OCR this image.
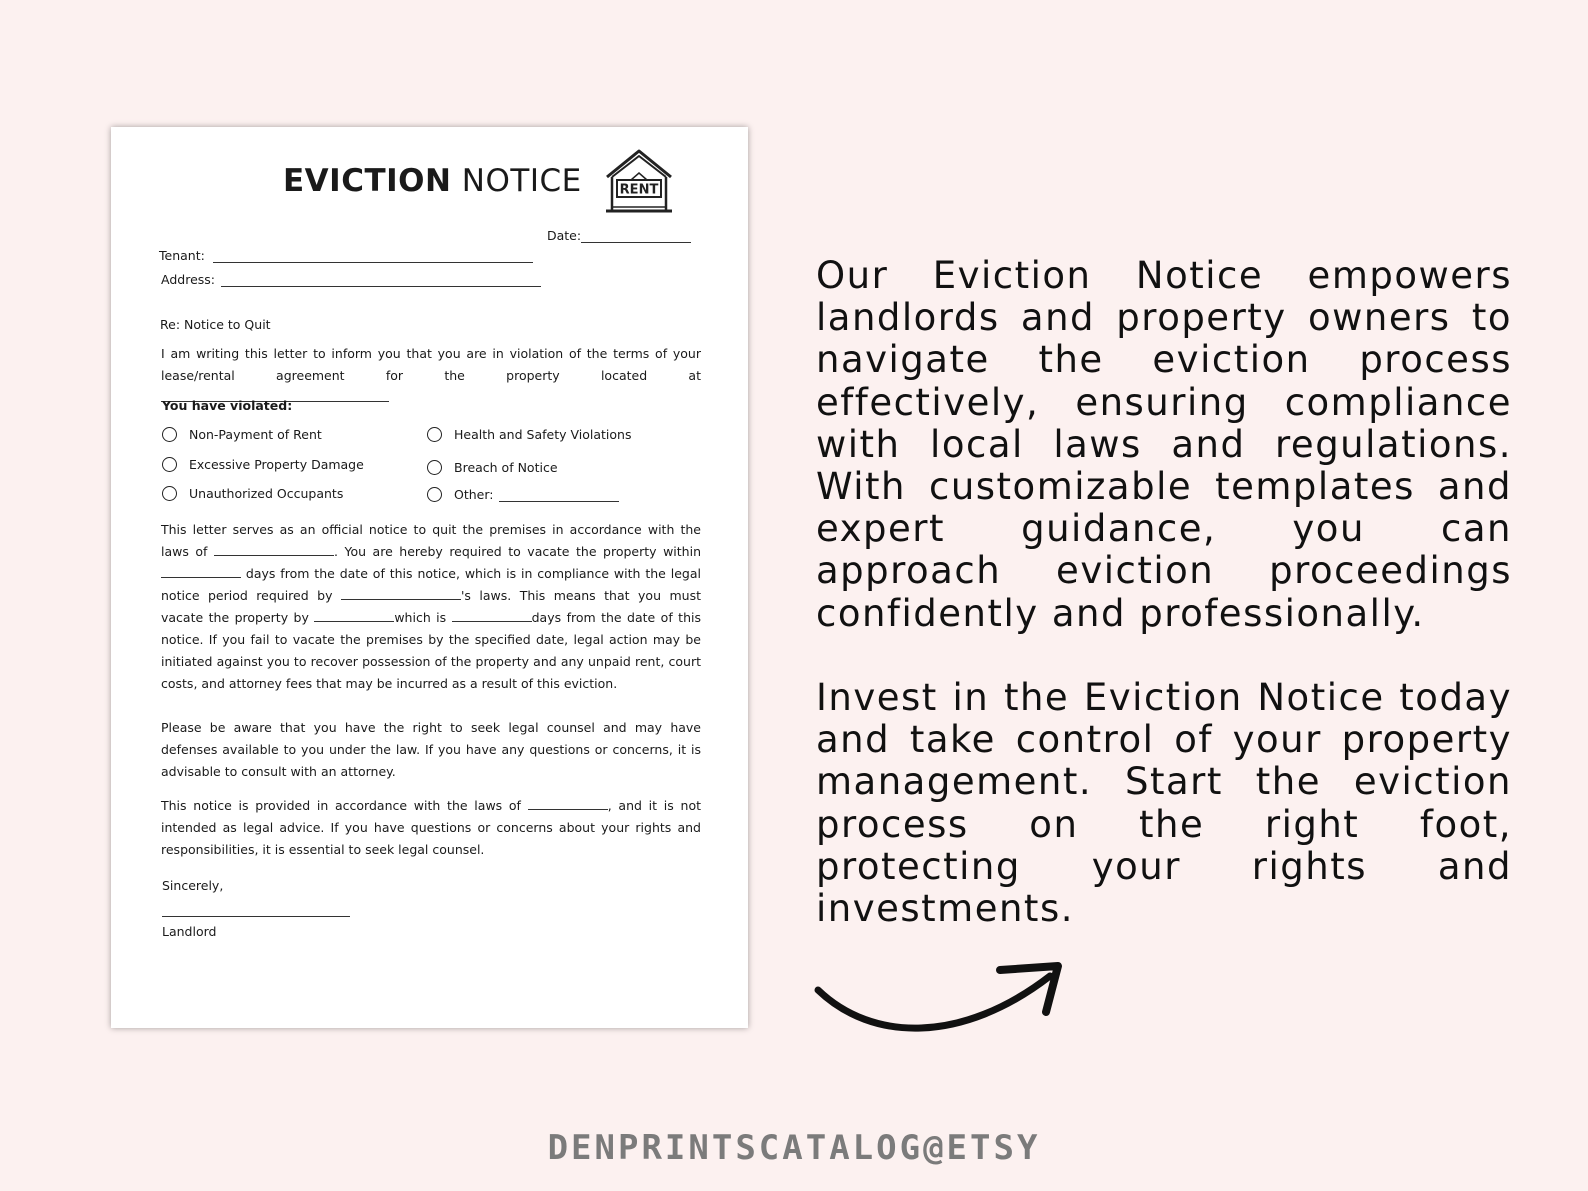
EVICTION NOTICE	RENT
Date:
Tenant:
Address:
Re: Notice to Quit

I am writing this letter to inform you that you are in violation of the terms of your lease/rental agreement for the property located at

You have violated:
Non-Payment of Rent
Excessive Property Damage
Unauthorized Occupants
Health and Safety Violations
Breach of Notice
Other:

This letter serves as an official notice to quit the premises in accordance with the laws of	. You are hereby required to vacate the property within  days from the date of this notice, which is in compliance with the legal notice period required by	's laws. This means that you must vacate the property by	which is	days from the date of this notice. If you fail to vacate the premises by the specified date, legal action may be initiated against you to recover possession of the property and any unpaid rent, court costs, and attorney fees that may be incurred as a result of this eviction.

Please be aware that you have the right to seek legal counsel and may have defenses available to you under the law. If you have any questions or concerns, it is advisable to consult with an attorney.

This notice is provided in accordance with the laws of	, and it is not intended as legal advice. If you have questions or concerns about your rights and responsibilities, it is essential to seek legal counsel.

Sincerely,
Landlord
Our Eviction Notice empowers landlords and property owners to navigate the eviction process effectively, ensuring compliance with local laws and regulations. With customizable templates and expert guidance, you can approach eviction proceedings confidently and professionally.
Invest in the Eviction Notice today and take control of your property management. Start the eviction process on the right foot, protecting your rights and investments.
DENPRINTSCATALOG@ETSY
